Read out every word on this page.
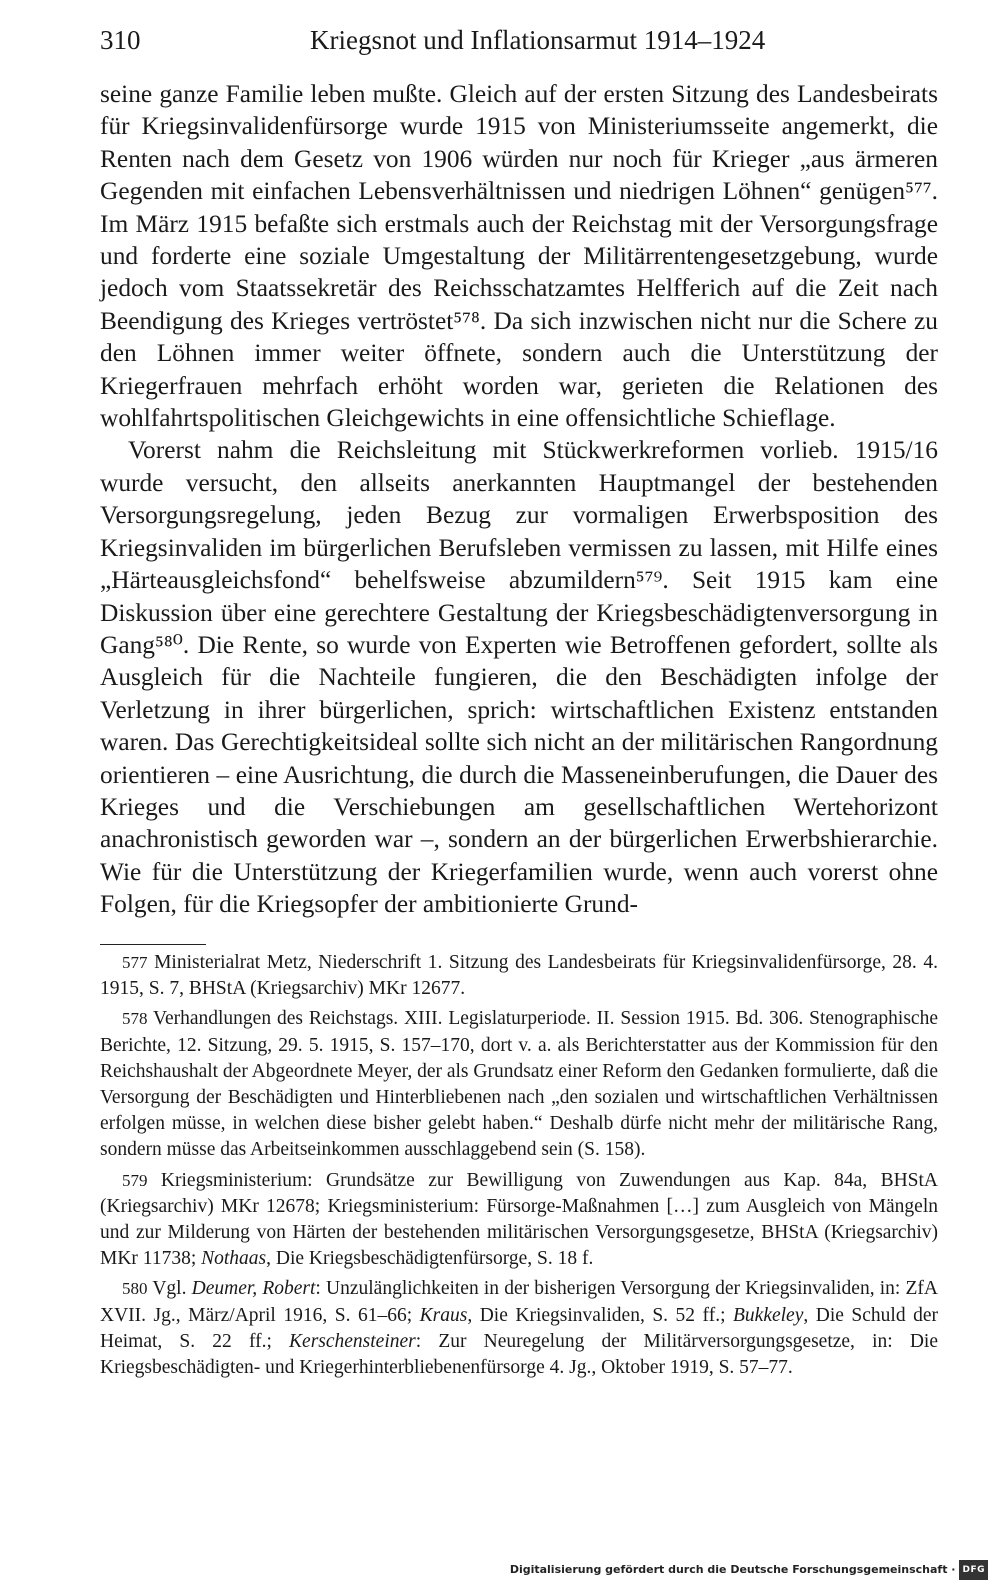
310	Kriegsnot und Inflationsarmut 1914–1924

seine ganze Familie leben mußte. Gleich auf der ersten Sitzung des Landesbeirats für Kriegsinvalidenfürsorge wurde 1915 von Ministeriumsseite angemerkt, die Renten nach dem Gesetz von 1906 würden nur noch für Krieger „aus ärmeren Gegenden mit einfachen Lebensverhältnissen und niedrigen Löhnen“ genügen⁵⁷⁷. Im März 1915 befaßte sich erstmals auch der Reichstag mit der Versorgungsfrage und forderte eine soziale Umgestaltung der Militärrentengesetzgebung, wurde jedoch vom Staatssekretär des Reichsschatzamtes Helfferich auf die Zeit nach Beendigung des Krieges vertröstet⁵⁷⁸. Da sich inzwischen nicht nur die Schere zu den Löhnen immer weiter öffnete, sondern auch die Unterstützung der Kriegerfrauen mehrfach erhöht worden war, gerieten die Relationen des wohlfahrtspolitischen Gleichgewichts in eine offensichtliche Schieflage.

Vorerst nahm die Reichsleitung mit Stückwerkreformen vorlieb. 1915/16 wurde versucht, den allseits anerkannten Hauptmangel der bestehenden Versorgungsregelung, jeden Bezug zur vormaligen Erwerbsposition des Kriegsinvaliden im bürgerlichen Berufsleben vermissen zu lassen, mit Hilfe eines „Härteausgleichsfond“ behelfsweise abzumildern⁵⁷⁹. Seit 1915 kam eine Diskussion über eine gerechtere Gestaltung der Kriegsbeschädigtenversorgung in Gang⁵⁸⁰. Die Rente, so wurde von Experten wie Betroffenen gefordert, sollte als Ausgleich für die Nachteile fungieren, die den Beschädigten infolge der Verletzung in ihrer bürgerlichen, sprich: wirtschaftlichen Existenz entstanden waren. Das Gerechtigkeitsideal sollte sich nicht an der militärischen Rangordnung orientieren – eine Ausrichtung, die durch die Masseneinberufungen, die Dauer des Krieges und die Verschiebungen am gesellschaftlichen Wertehorizont anachronistisch geworden war –, sondern an der bürgerlichen Erwerbshierarchie. Wie für die Unterstützung der Kriegerfamilien wurde, wenn auch vorerst ohne Folgen, für die Kriegsopfer der ambitionierte Grund-

577 Ministerialrat Metz, Niederschrift 1. Sitzung des Landesbeirats für Kriegsinvalidenfürsorge, 28. 4. 1915, S. 7, BHStA (Kriegsarchiv) MKr 12677.

578 Verhandlungen des Reichstags. XIII. Legislaturperiode. II. Session 1915. Bd. 306. Stenographische Berichte, 12. Sitzung, 29. 5. 1915, S. 157–170, dort v. a. als Berichterstatter aus der Kommission für den Reichshaushalt der Abgeordnete Meyer, der als Grundsatz einer Reform den Gedanken formulierte, daß die Versorgung der Beschädigten und Hinterbliebenen nach „den sozialen und wirtschaftlichen Verhältnissen erfolgen müsse, in welchen diese bisher gelebt haben.“ Deshalb dürfe nicht mehr der militärische Rang, sondern müsse das Arbeitseinkommen ausschlaggebend sein (S. 158).

579 Kriegsministerium: Grundsätze zur Bewilligung von Zuwendungen aus Kap. 84a, BHStA (Kriegsarchiv) MKr 12678; Kriegsministerium: Fürsorge-Maßnahmen […] zum Ausgleich von Mängeln und zur Milderung von Härten der bestehenden militärischen Versorgungsgesetze, BHStA (Kriegsarchiv) MKr 11738; Nothaas, Die Kriegsbeschädigtenfürsorge, S. 18 f.

580 Vgl. Deumer, Robert: Unzulänglichkeiten in der bisherigen Versorgung der Kriegsinvaliden, in: ZfA XVII. Jg., März/April 1916, S. 61–66; Kraus, Die Kriegsinvaliden, S. 52 ff.; Bukkeley, Die Schuld der Heimat, S. 22 ff.; Kerschensteiner: Zur Neuregelung der Militärversorgungsgesetze, in: Die Kriegsbeschädigten- und Kriegerhinterbliebenenfürsorge 4. Jg., Oktober 1919, S. 57–77.

Digitalisierung gefördert durch die Deutsche Forschungsgemeinschaft · DFG
